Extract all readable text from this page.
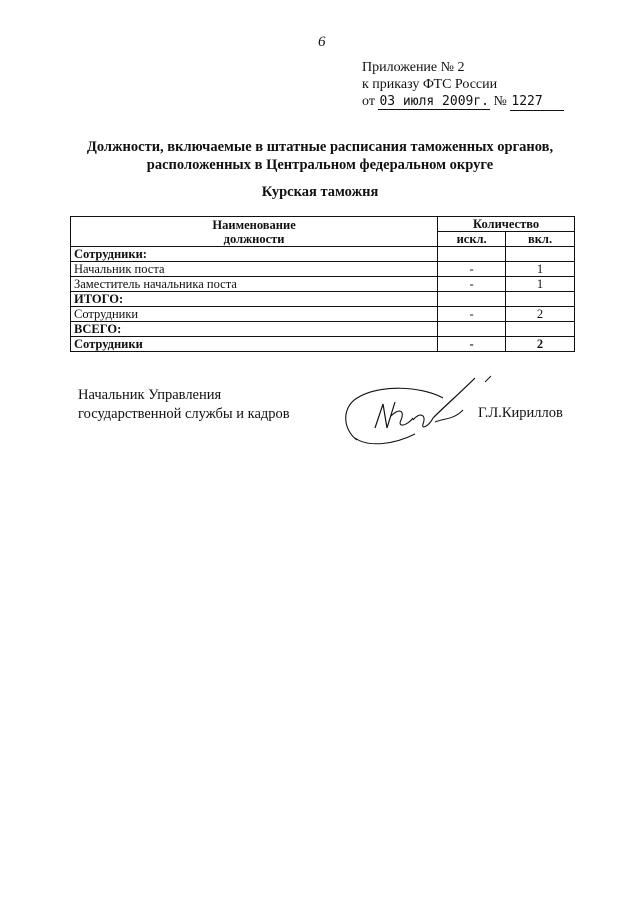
6
Приложение № 2
к приказу ФТС России
от 03 июля 2009г. № 1227
Должности, включаемые в штатные расписания таможенных органов,
расположенных в Центральном федеральном округе
Курская таможня
Наименование
должности	Количество	
	искл.	вкл.
Сотрудники:		
Начальник поста	-	1
Заместитель начальника поста	-	1
ИТОГО:		
Сотрудники	-	2
ВСЕГО:		
Сотрудники	-	2
Начальник Управления
государственной службы и кадров	Г.Л.Кириллов
